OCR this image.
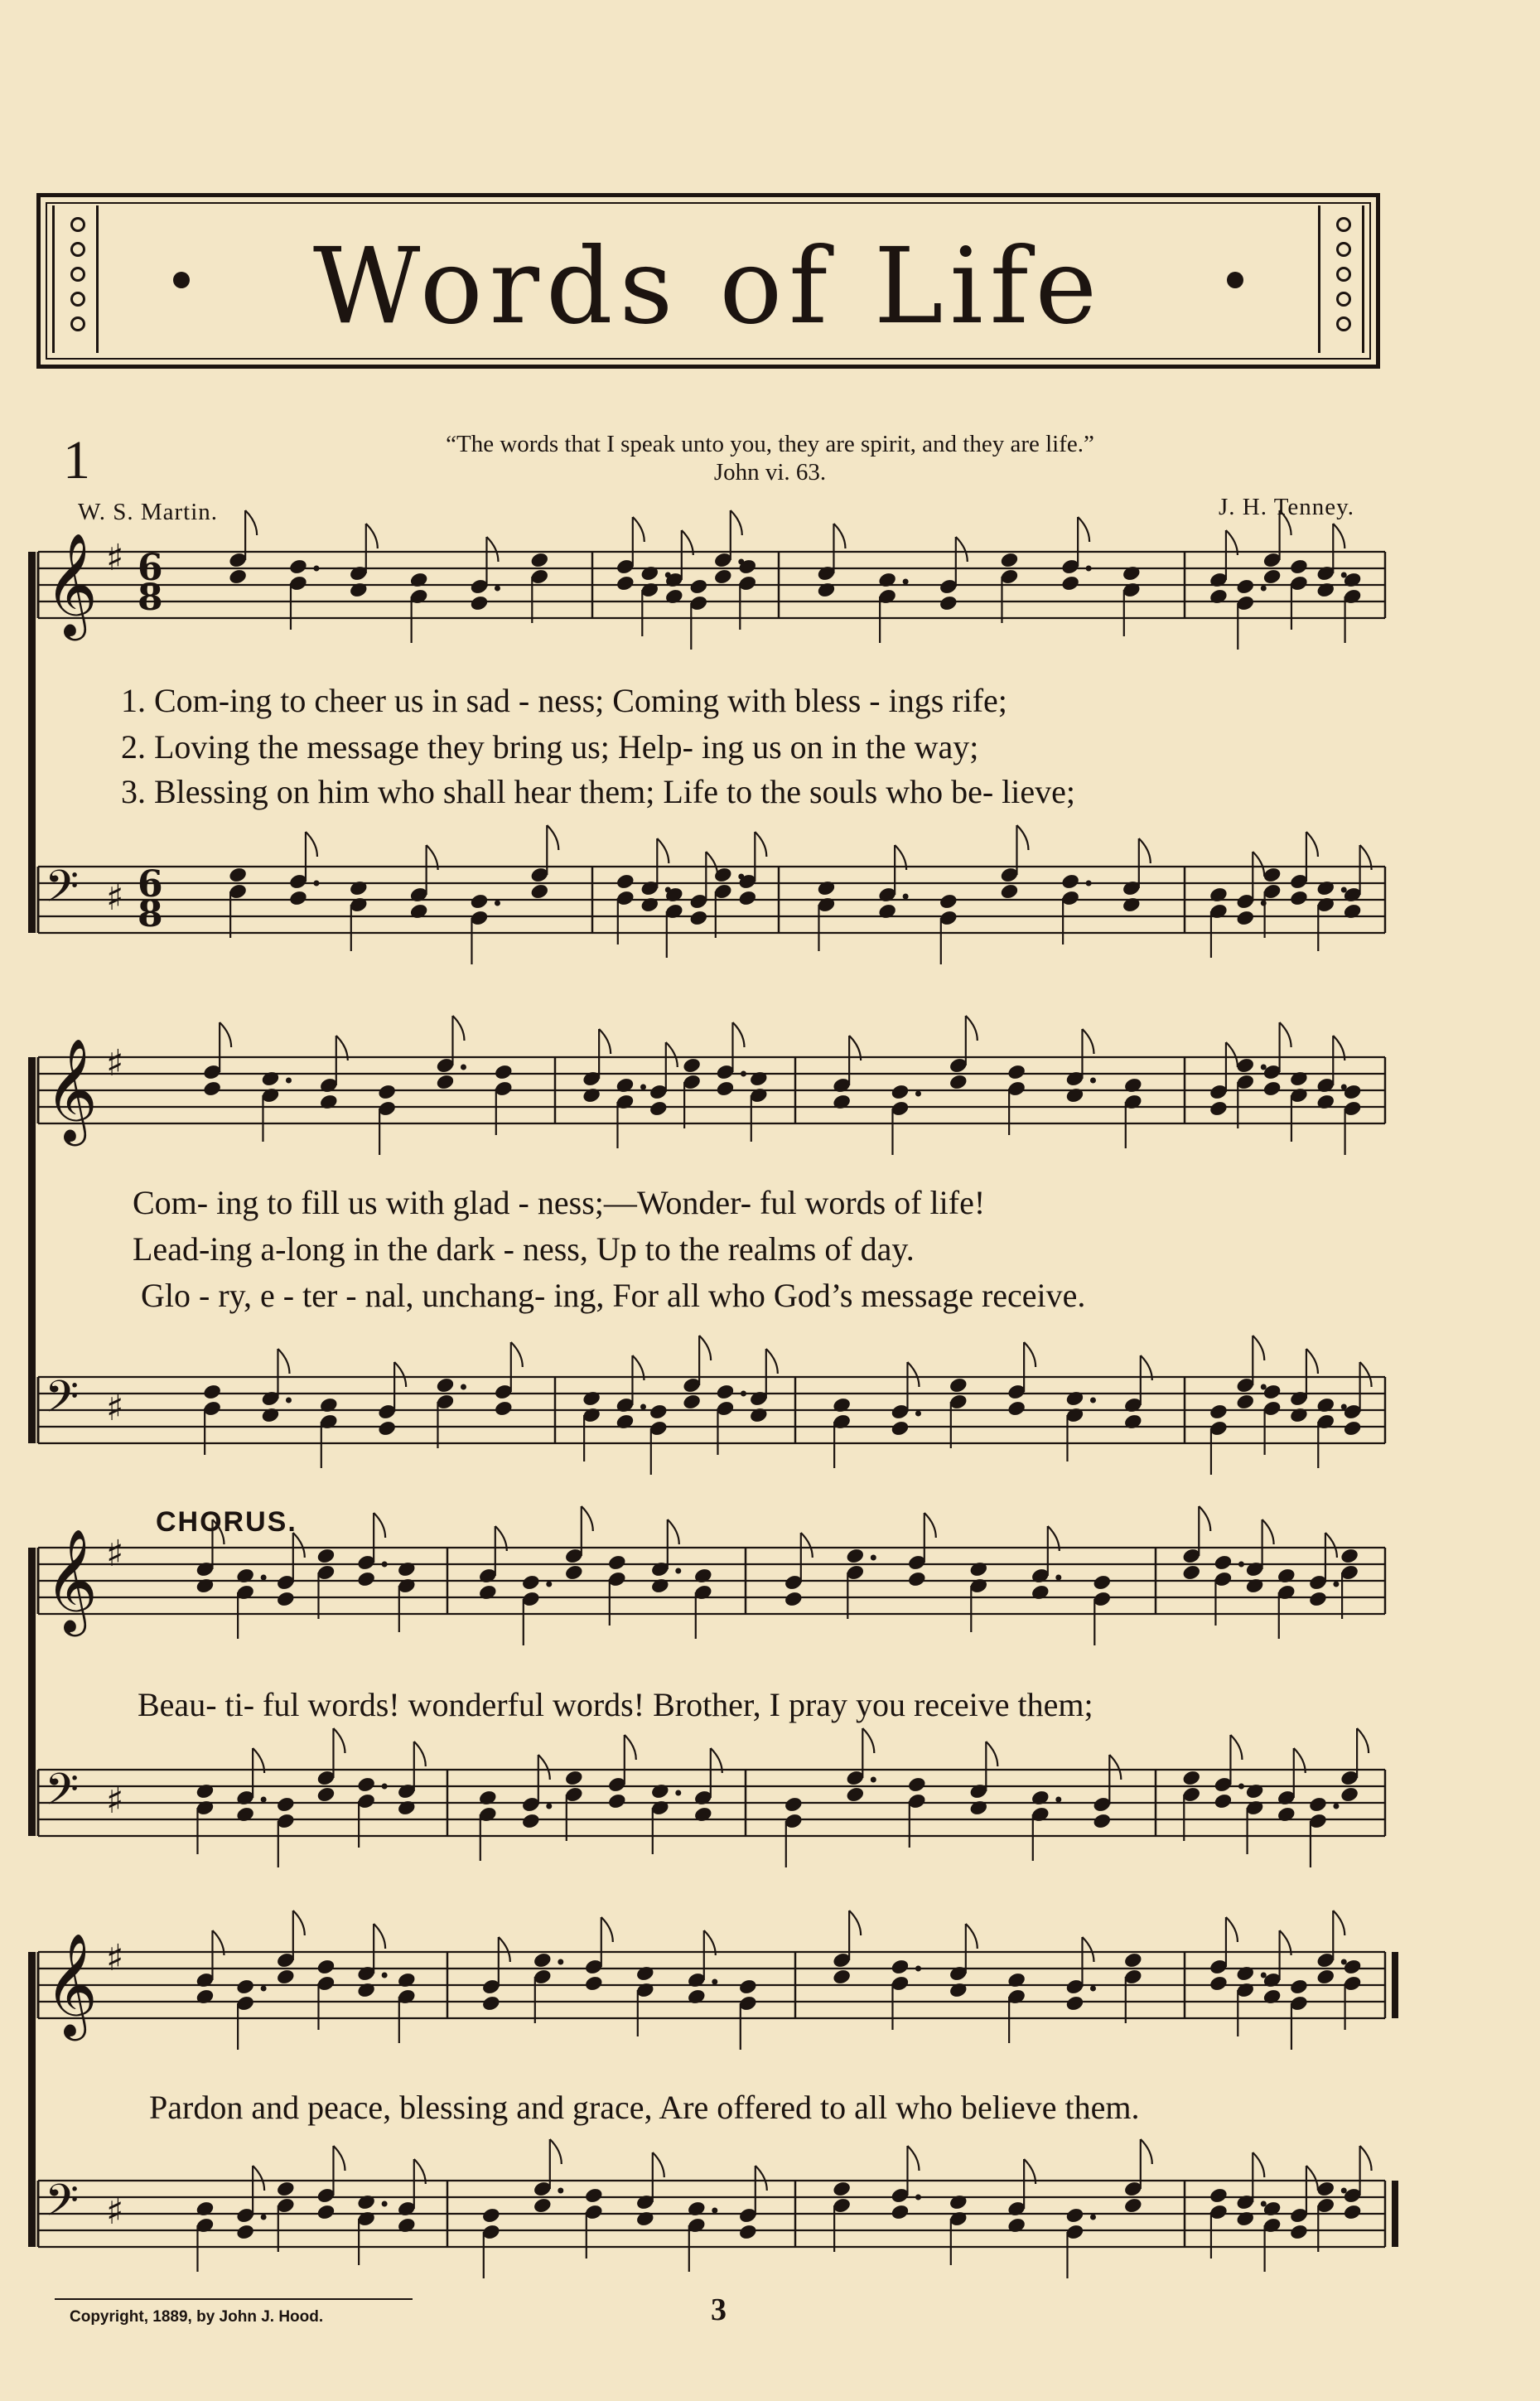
Words of Life
1	“The words that I speak unto you, they are spirit, and they are life.”
John vi. 63.
W. S. Martin.	J. H. Tenney.
𝄞 ♯
𝄢 ♯
𝄞 ♯
𝄢 ♯
𝄞 ♯
𝄢 ♯
𝄞 ♯
𝄢 ♯
6
8
6
8
1. Com-ing to cheer us in sad - ness; Coming with bless - ings rife;
2. Loving the message they bring us; Help- ing us on in the way;
3. Blessing on him who shall hear them; Life to the souls who be- lieve;
Com- ing to fill us with glad - ness;—Wonder- ful words of life!
Lead-ing a-long in the dark - ness, Up to the realms of day.
Glo - ry, e - ter - nal, unchang- ing, For all who God’s message receive.
CHORUS.
Beau- ti- ful words! wonderful words! Brother, I pray you receive them;
Pardon and peace, blessing and grace, Are offered to all who believe them.
Copyright, 1889, by John J. Hood.	3
